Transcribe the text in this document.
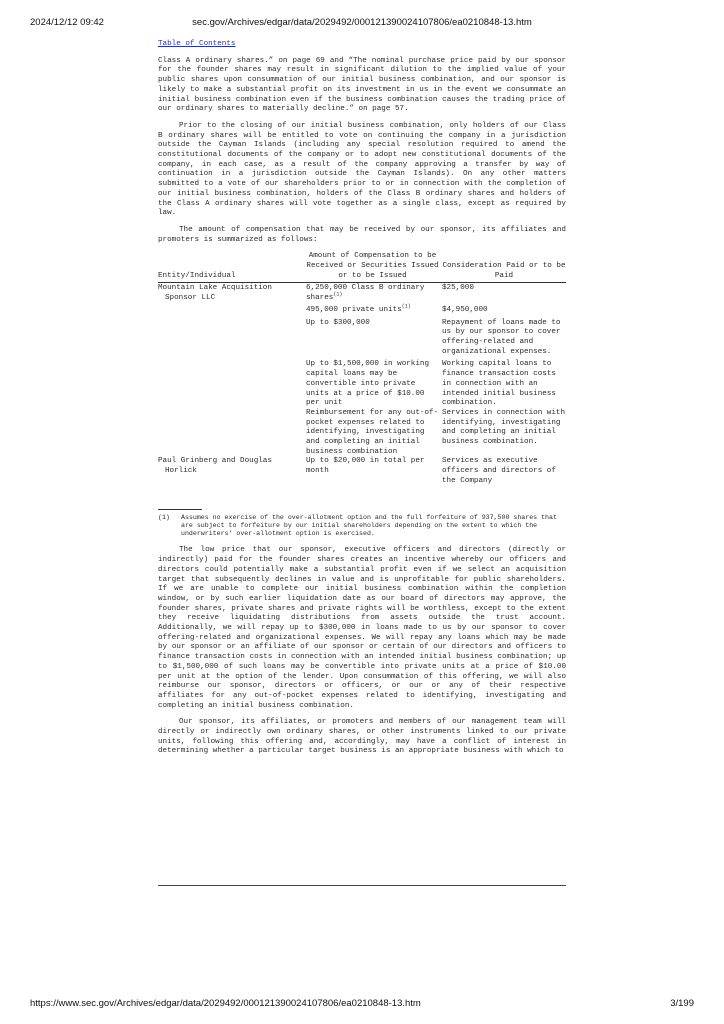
2024/12/12 09:42	sec.gov/Archives/edgar/data/2029492/000121390024107806/ea0210848-13.htm
Table of Contents

Class A ordinary shares.” on page 69 and “The nominal purchase price paid by our sponsor for the founder shares may result in significant dilution to the implied value of your public shares upon consummation of our initial business combination, and our sponsor is likely to make a substantial profit on its investment in us in the event we consummate an initial business combination even if the business combination causes the trading price of our ordinary shares to materially decline.” on page 57.

Prior to the closing of our initial business combination, only holders of our Class B ordinary shares will be entitled to vote on continuing the company in a jurisdiction outside the Cayman Islands (including any special resolution required to amend the constitutional documents of the company or to adopt new constitutional documents of the company, in each case, as a result of the company approving a transfer by way of continuation in a jurisdiction outside the Cayman Islands). On any other matters submitted to a vote of our shareholders prior to or in connection with the completion of our initial business combination, holders of the Class B ordinary shares and holders of the Class A ordinary shares will vote together as a single class, except as required by law.

The amount of compensation that may be received by our sponsor, its affiliates and promoters is summarized as follows:

Entity/Individual	Amount of Compensation to be Received or Securities Issued or to be Issued	Consideration Paid or to be Paid

Mountain Lake Acquisition Sponsor LLC	6,250,000 Class B ordinary shares$^{(1)}$	$25,000
	495,000 private units$^{(1)}$	$4,950,000
	Up to $300,000	Repayment of loans made to us by our sponsor to cover offering-related and organizational expenses.
	Up to $1,500,000 in working capital loans may be convertible into private units at a price of $10.00 per unit	Working capital loans to finance transaction costs in connection with an intended initial business combination.
	Reimbursement for any out-of-pocket expenses related to identifying, investigating and completing an initial business combination	Services in connection with identifying, investigating and completing an initial business combination.

Paul Grinberg and Douglas Horlick	Up to $20,000 in total per month	Services as executive officers and directors of the Company
(1)	Assumes no exercise of the over-allotment option and the full forfeiture of 937,500 shares that are subject to forfeiture by our initial shareholders depending on the extent to which the underwriters’ over-allotment option is exercised.

The low price that our sponsor, executive officers and directors (directly or indirectly) paid for the founder shares creates an incentive whereby our officers and directors could potentially make a substantial profit even if we select an acquisition target that subsequently declines in value and is unprofitable for public shareholders. If we are unable to complete our initial business combination within the completion window, or by such earlier liquidation date as our board of directors may approve, the founder shares, private shares and private rights will be worthless, except to the extent they receive liquidating distributions from assets outside the trust account. Additionally, we will repay up to $300,000 in loans made to us by our sponsor to cover offering-related and organizational expenses. We will repay any loans which may be made by our sponsor or an affiliate of our sponsor or certain of our directors and officers to finance transaction costs in connection with an intended initial business combination; up to $1,500,000 of such loans may be convertible into private units at a price of $10.00 per unit at the option of the lender. Upon consummation of this offering, we will also reimburse our sponsor, directors or officers, or our or any of their respective affiliates for any out-of-pocket expenses related to identifying, investigating and completing an initial business combination.

Our sponsor, its affiliates, or promoters and members of our management team will directly or indirectly own ordinary shares, or other instruments linked to our private units, following this offering and, accordingly, may have a conflict of interest in determining whether a particular target business is an appropriate business with which to

https://www.sec.gov/Archives/edgar/data/2029492/000121390024107806/ea0210848-13.htm	3/199
